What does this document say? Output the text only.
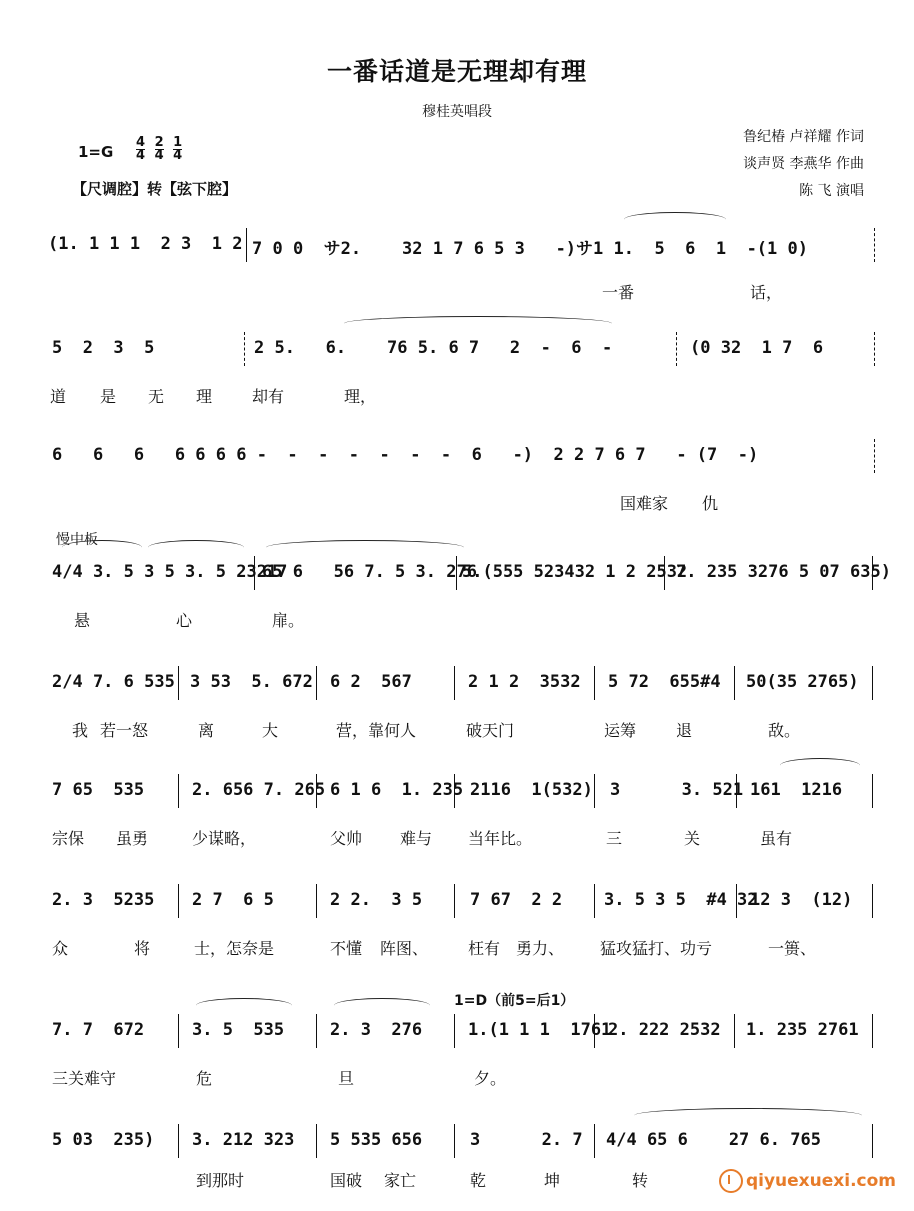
一番话道是无理却有理
穆桂英唱段
鲁纪椿 卢祥耀 作词
谈声贤 李燕华 作曲
陈 飞 演唱
$1=G \frac{4}{4}$
$\frac{2}{4}$
$\frac{1}{4}$
【尺调腔】转【弦下腔】
慢中板
1=D（前5=后1）
(1. 1 1 1  2 3  1 2 7 0 0  サ2.    32 1 7 6 5 3   -)サ1 1.  5  6  1  -(1 0)
一番	话，
5  2  3  5	2 5.   6.    76 5. 6 7   2  -  6  -	(0 32  1 7  6
道 是 无 理 却有	理，
6   6   6   6 6 6 6 -  -  -  -  -  -  -  6   -)  2 2 7 6 7   - (7  -)
国难家 仇
4/4 3. 5 3 5 3. 5 23217
65 6   56 7. 5 3. 276
5.(555 523432 1 2 2532
7. 235 3276 5 07 635)
悬	心	扉。
2/4 7. 6 535 3 53  5. 672 6 2  567	2 1 2  3532 5 72  655#4 50(35 2765)
我 若一怒	离	大	营，靠何人	破天门	运筹 退	敌。
7 65  535	2. 656 7. 265 6 1 6  1. 235 2116  1(532) 3      3. 521 161  1216
宗保 虽勇	少谋略，	父帅 难与 当年比。	三	关	虽有
2. 3  5235 2 7  6 5	2 2.  3 5	7 67  2 2 3. 5 3 5  #4 32
12 3  (12)
众	将	士，怎奈是	不懂 阵图、 枉有 勇力、 猛攻猛打、功亏	一篑、
7. 7  672	3. 5  535	2. 3  276	1.(1 1 1  1761
2. 222 2532 1. 235 2761
三关难守	危	旦	夕。
5 03  235) 3. 212 323 5 535 656	3      2. 7 4/4 65 6    27 6. 765
到那时	国破 家亡	乾	坤	转	qiyuexuexi.com
